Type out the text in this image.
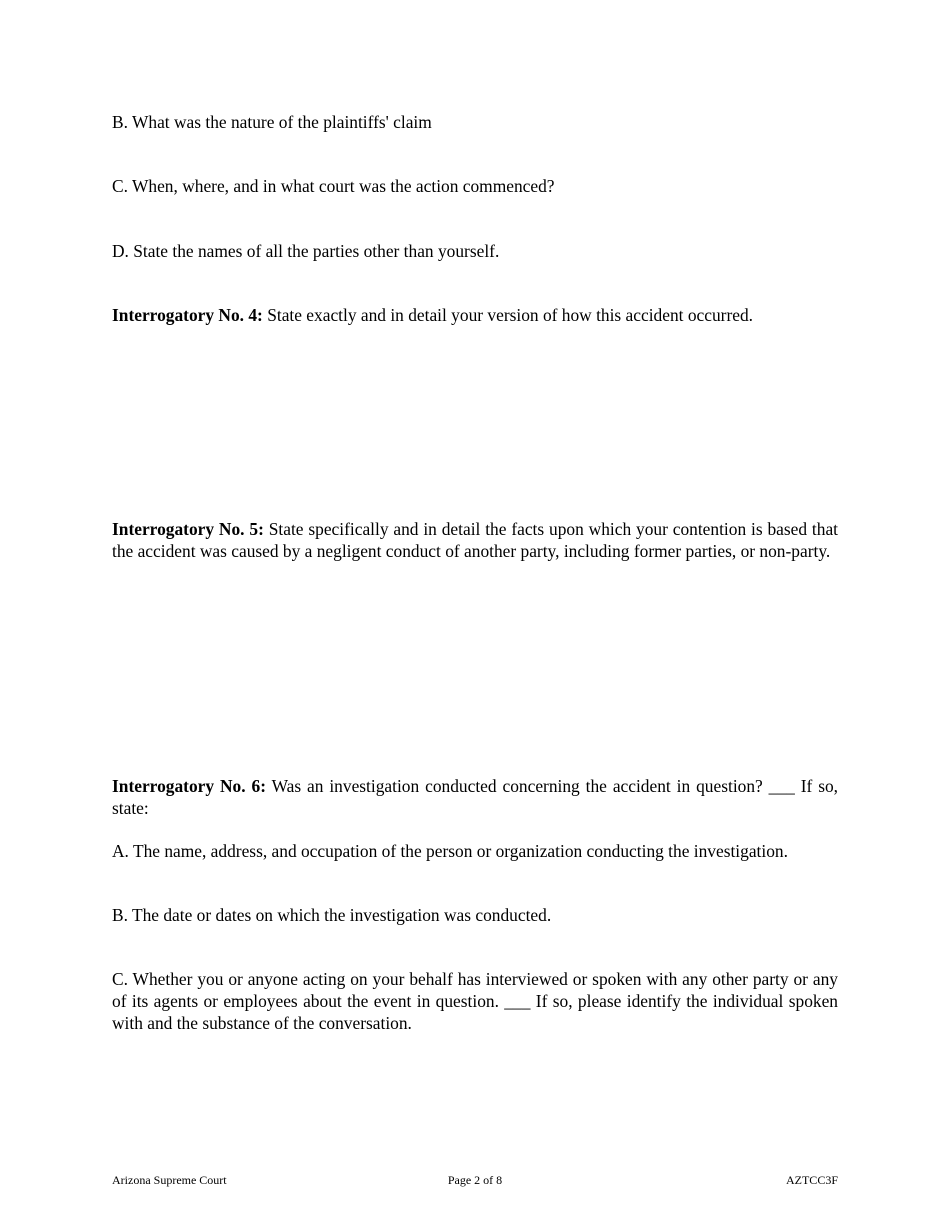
B. What was the nature of the plaintiffs' claim

C. When, where, and in what court was the action commenced?

D. State the names of all the parties other than yourself.

Interrogatory No. 4: State exactly and in detail your version of how this accident occurred.

Interrogatory No. 5: State specifically and in detail the facts upon which your contention is based that the accident was caused by a negligent conduct of another party, including former parties, or non-party.

Interrogatory No. 6: Was an investigation conducted concerning the accident in question? ___ If so, state:

A. The name, address, and occupation of the person or organization conducting the investigation.

B. The date or dates on which the investigation was conducted.

C. Whether you or anyone acting on your behalf has interviewed or spoken with any other party or any of its agents or employees about the event in question. ___ If so, please identify the individual spoken with and the substance of the conversation.

Arizona Supreme Court	Page 2 of 8	AZTCC3F
